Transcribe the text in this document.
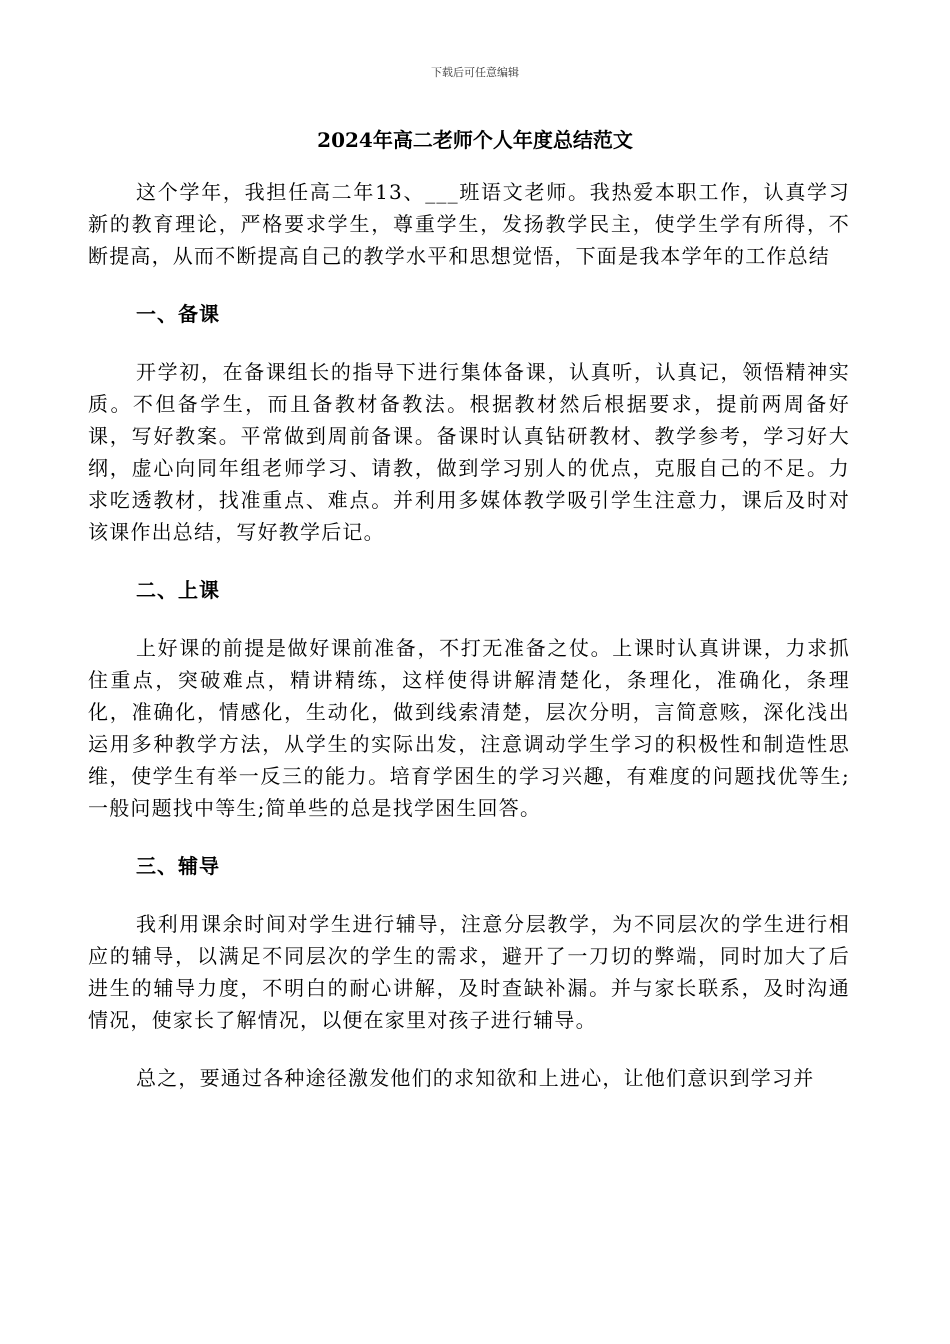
下载后可任意编辑
2024年高二老师个人年度总结范文

这个学年，我担任高二年13、___班语文老师。我热爱本职工作，认真学习新的教育理论，严格要求学生，尊重学生，发扬教学民主，使学生学有所得，不断提高，从而不断提高自己的教学水平和思想觉悟，下面是我本学年的工作总结

一、备课

开学初，在备课组长的指导下进行集体备课，认真听，认真记，领悟精神实质。不但备学生，而且备教材备教法。根据教材然后根据要求，提前两周备好课，写好教案。平常做到周前备课。备课时认真钻研教材、教学参考，学习好大纲，虚心向同年组老师学习、请教，做到学习别人的优点，克服自己的不足。力求吃透教材，找准重点、难点。并利用多媒体教学吸引学生注意力，课后及时对该课作出总结，写好教学后记。

二、上课

上好课的前提是做好课前准备，不打无准备之仗。上课时认真讲课，力求抓住重点，突破难点，精讲精练，这样使得讲解清楚化，条理化，准确化，条理化，准确化，情感化，生动化，做到线索清楚，层次分明，言简意赅，深化浅出运用多种教学方法，从学生的实际出发，注意调动学生学习的积极性和制造性思维，使学生有举一反三的能力。培育学困生的学习兴趣，有难度的问题找优等生;一般问题找中等生;简单些的总是找学困生回答。

三、辅导

我利用课余时间对学生进行辅导，注意分层教学，为不同层次的学生进行相应的辅导，以满足不同层次的学生的需求，避开了一刀切的弊端，同时加大了后进生的辅导力度，不明白的耐心讲解，及时查缺补漏。并与家长联系，及时沟通情况，使家长了解情况，以便在家里对孩子进行辅导。

总之，要通过各种途径激发他们的求知欲和上进心，让他们意识到学习并
